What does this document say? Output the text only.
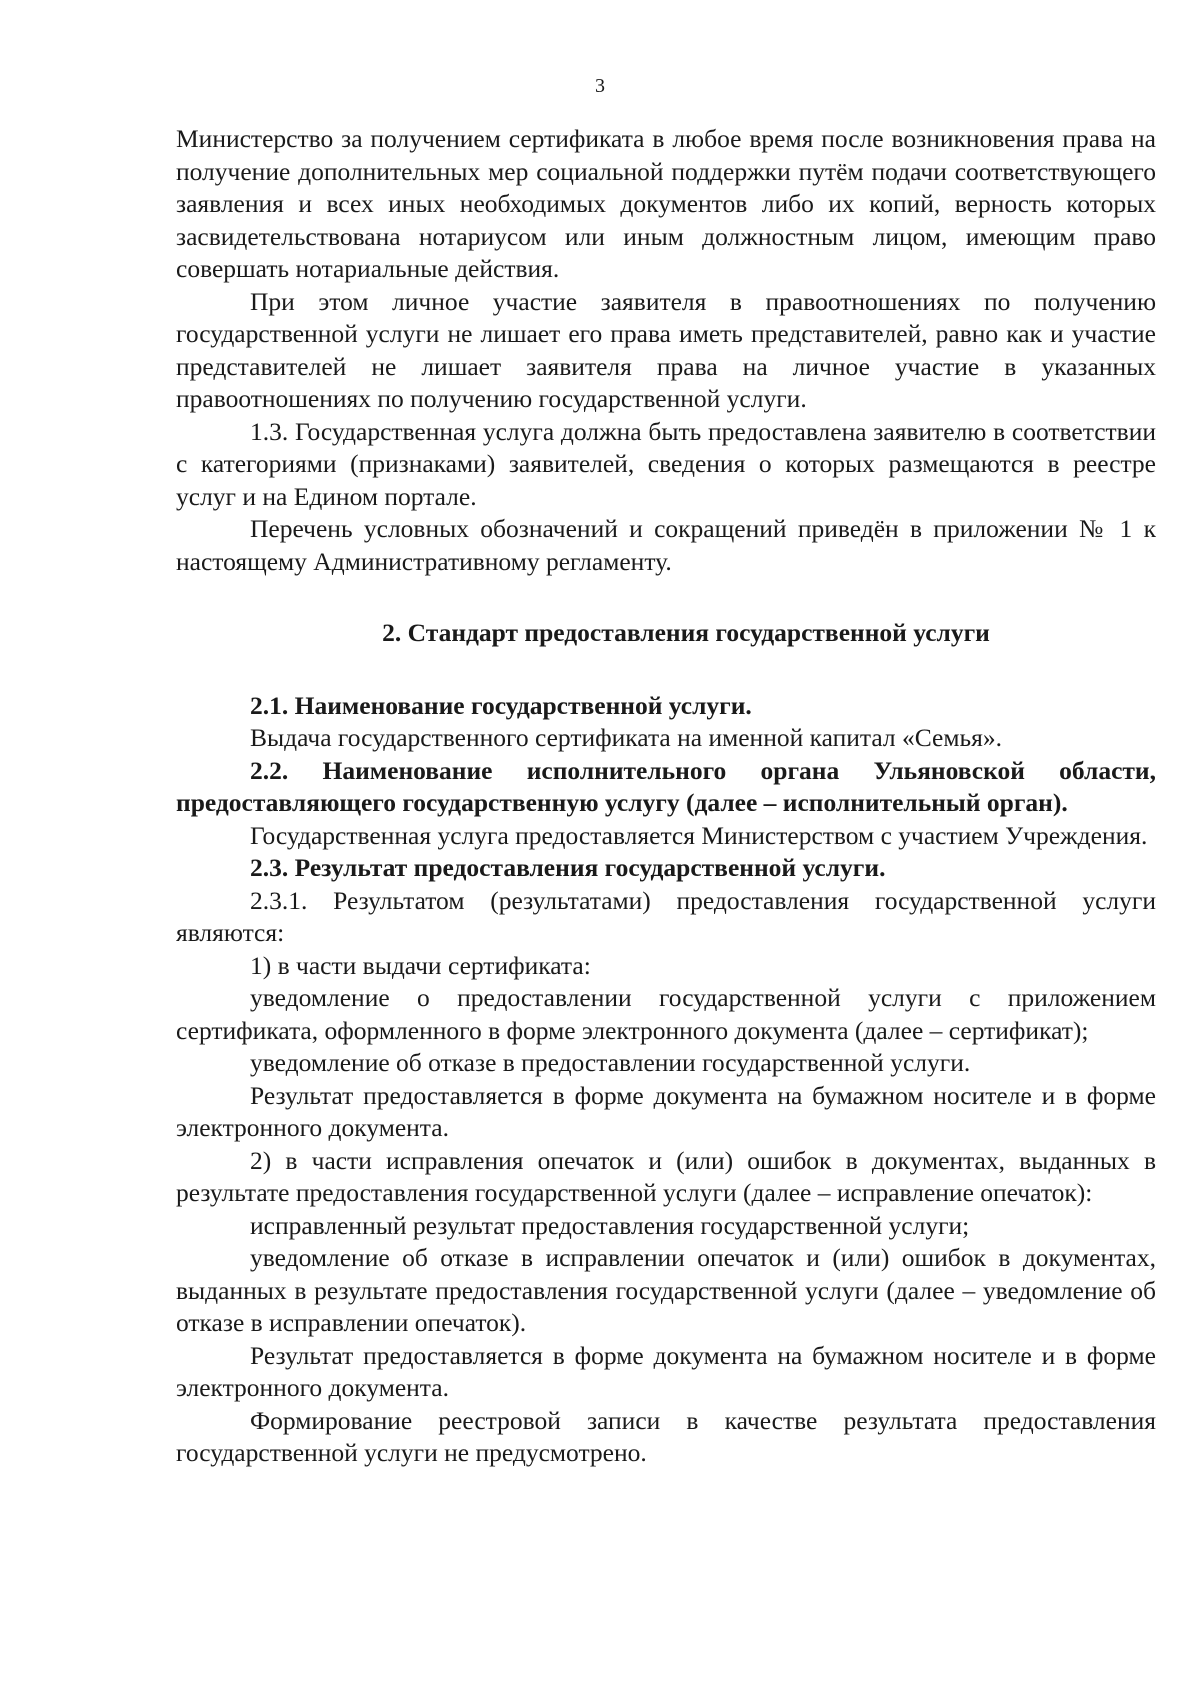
3

Министерство за получением сертификата в любое время после возникновения права на получение дополнительных мер социальной поддержки путём подачи соответствующего заявления и всех иных необходимых документов либо их копий, верность которых засвидетельствована нотариусом или иным должностным лицом, имеющим право совершать нотариальные действия.

При этом личное участие заявителя в правоотношениях по получению государственной услуги не лишает его права иметь представителей, равно как и участие представителей не лишает заявителя права на личное участие в указанных правоотношениях по получению государственной услуги.

1.3. Государственная услуга должна быть предоставлена заявителю в соответствии с категориями (признаками) заявителей, сведения о которых размещаются в реестре услуг и на Едином портале.

Перечень условных обозначений и сокращений приведён в приложении № 1 к настоящему Административному регламенту.

2. Стандарт предоставления государственной услуги

2.1. Наименование государственной услуги.

Выдача государственного сертификата на именной капитал «Семья».

2.2. Наименование исполнительного органа Ульяновской области, предоставляющего государственную услугу (далее – исполнительный орган).

Государственная услуга предоставляется Министерством с участием Учреждения.

2.3. Результат предоставления государственной услуги.

2.3.1. Результатом (результатами) предоставления государственной услуги являются:

1) в части выдачи сертификата:

уведомление о предоставлении государственной услуги с приложением сертификата, оформленного в форме электронного документа (далее – сертификат);

уведомление об отказе в предоставлении государственной услуги.

Результат предоставляется в форме документа на бумажном носителе и в форме электронного документа.

2) в части исправления опечаток и (или) ошибок в документах, выданных в результате предоставления государственной услуги (далее – исправление опечаток):

исправленный результат предоставления государственной услуги;

уведомление об отказе в исправлении опечаток и (или) ошибок в документах, выданных в результате предоставления государственной услуги (далее – уведомление об отказе в исправлении опечаток).

Результат предоставляется в форме документа на бумажном носителе и в форме электронного документа.

Формирование реестровой записи в качестве результата предоставления государственной услуги не предусмотрено.
